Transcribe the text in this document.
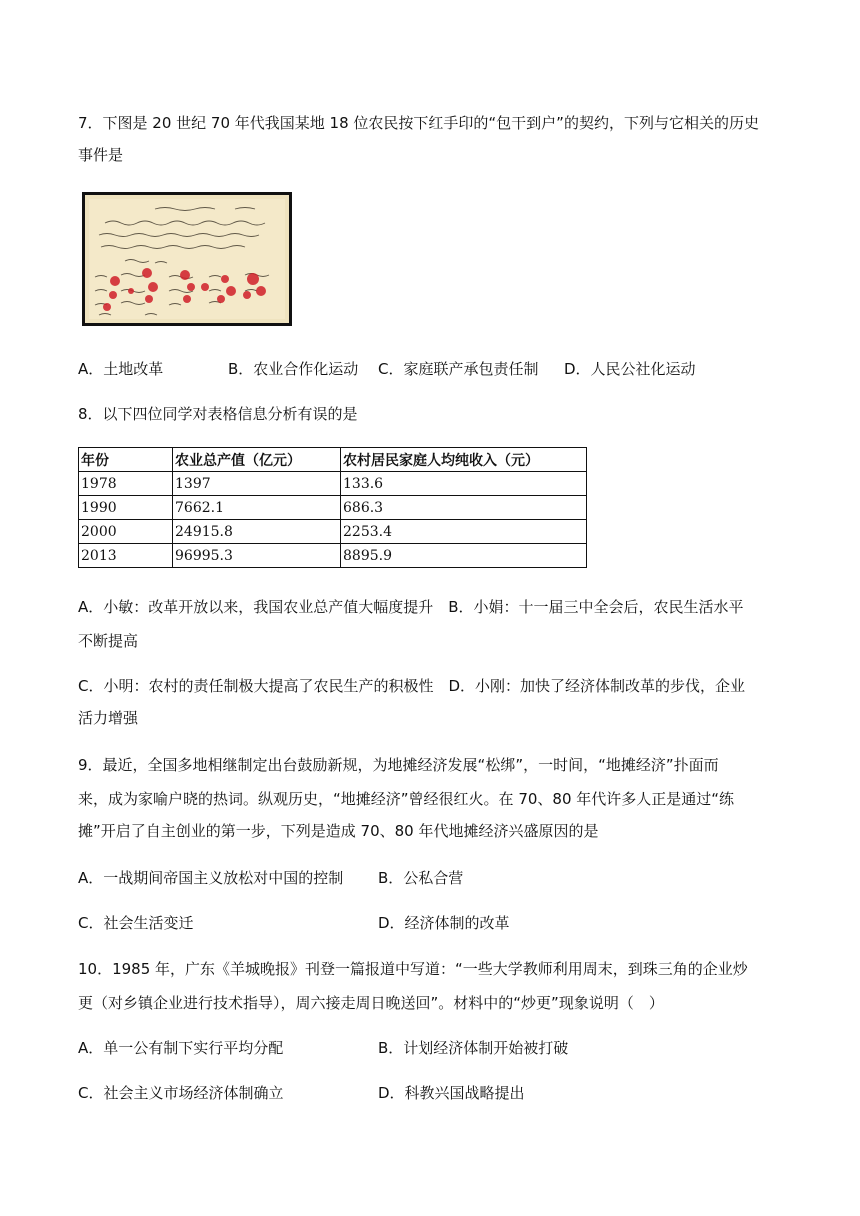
7．下图是 20 世纪 70 年代我国某地 18 位农民按下红手印的“包干到户”的契约，下列与它相关的历史
事件是
A．土地改革	B．农业合作化运动 C．家庭联产承包责任制 D．人民公社化运动
8．以下四位同学对表格信息分析有误的是
年份	农业总产值（亿元）	农村居民家庭人均纯收入（元）
1978	1397	133.6
1990	7662.1	686.3
2000	24915.8	2253.4
2013	96995.3	8895.9
A．小敏：改革开放以来，我国农业总产值大幅度提升　B．小娟：十一届三中全会后，农民生活水平
不断提高
C．小明：农村的责任制极大提高了农民生产的积极性　D．小刚：加快了经济体制改革的步伐，企业
活力增强
9．最近，全国多地相继制定出台鼓励新规，为地摊经济发展“松绑”，一时间，“地摊经济”扑面而
来，成为家喻户晓的热词。纵观历史，“地摊经济”曾经很红火。在 70、80 年代许多人正是通过“练
摊”开启了自主创业的第一步，下列是造成 70、80 年代地摊经济兴盛原因的是
A．一战期间帝国主义放松对中国的控制 B．公私合营
C．社会生活变迁	D．经济体制的改革
10．1985 年，广东《羊城晚报》刊登一篇报道中写道：“一些大学教师利用周末，到珠三角的企业炒
更（对乡镇企业进行技术指导），周六接走周日晚送回”。材料中的“炒更”现象说明（　）
A．单一公有制下实行平均分配	B．计划经济体制开始被打破
C．社会主义市场经济体制确立	D．科教兴国战略提出
